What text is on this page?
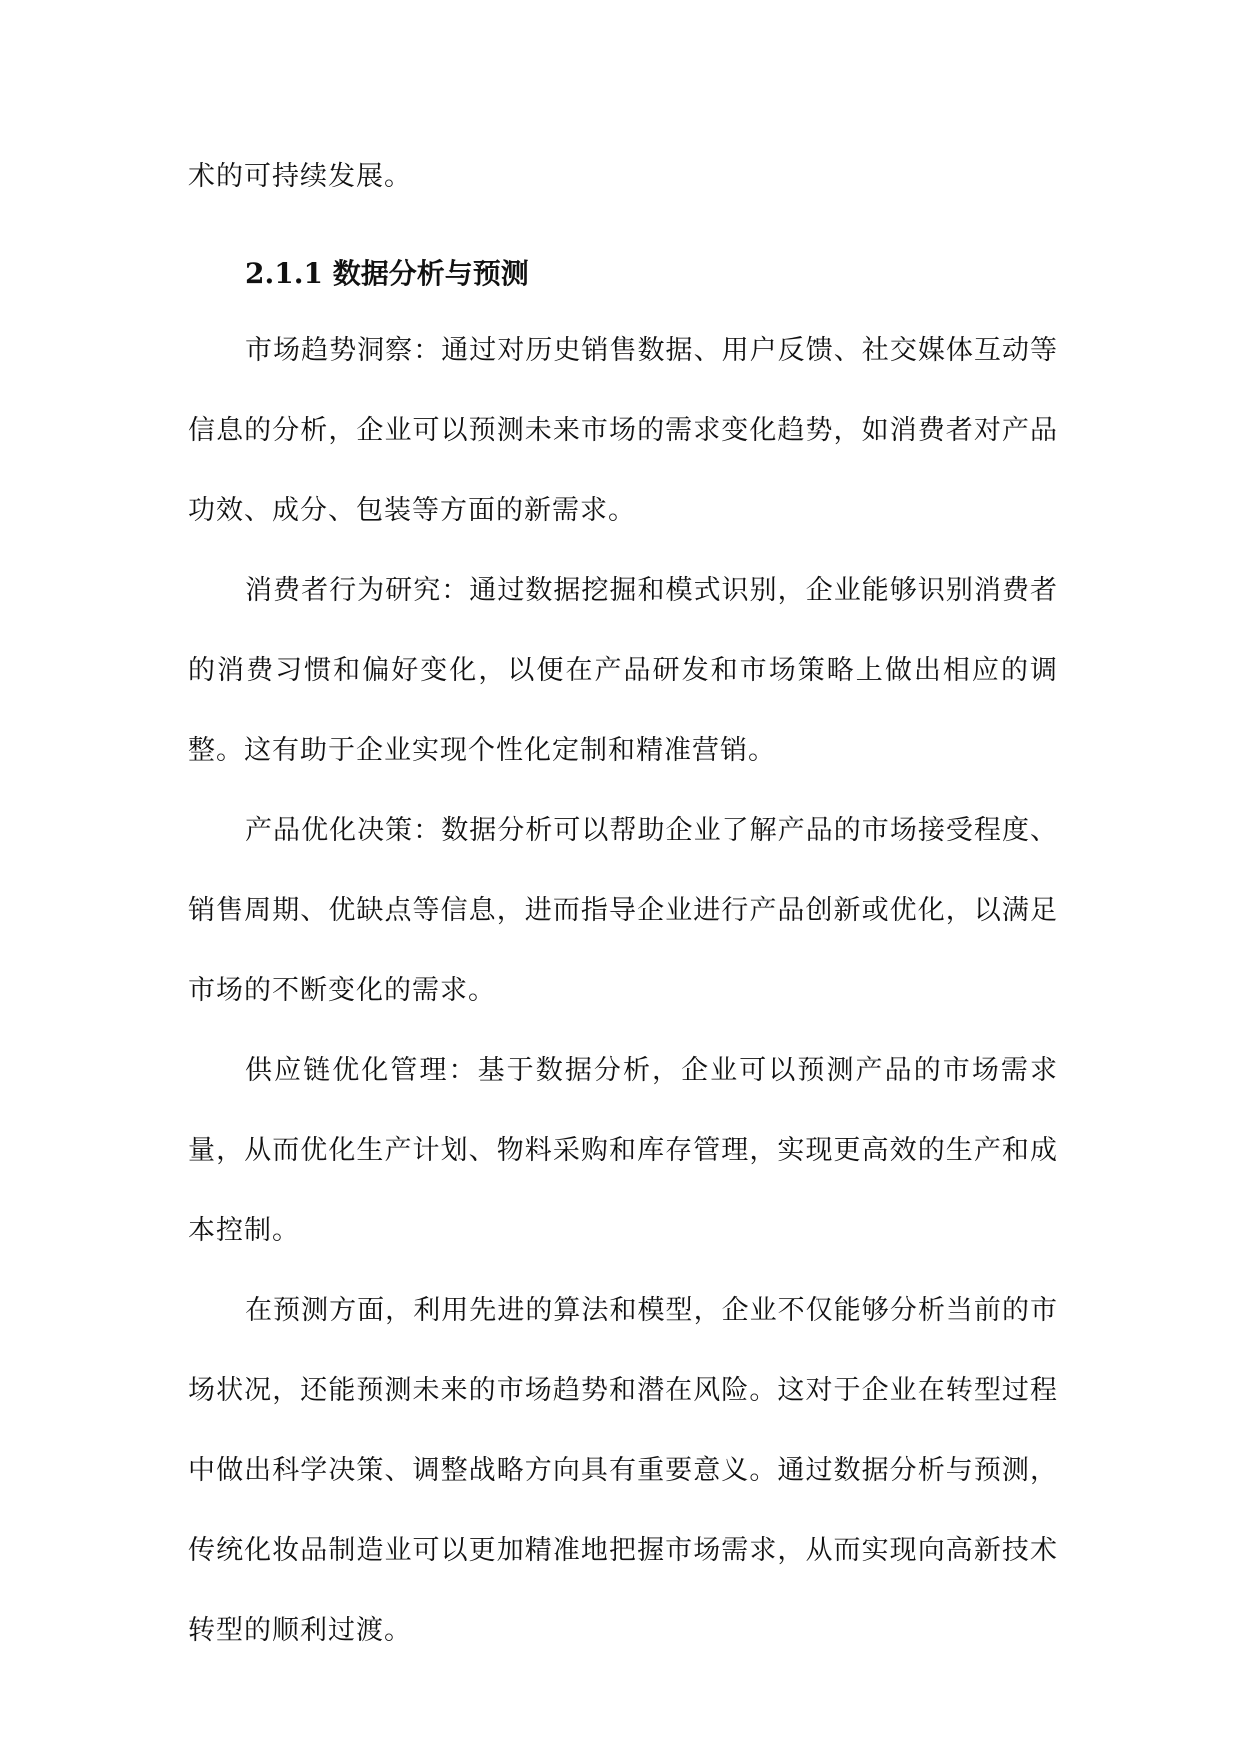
术的可持续发展。

2.1.1 数据分析与预测

市场趋势洞察：通过对历史销售数据、用户反馈、社交媒体互动等信息的分析，企业可以预测未来市场的需求变化趋势，如消费者对产品功效、成分、包装等方面的新需求。

消费者行为研究：通过数据挖掘和模式识别，企业能够识别消费者的消费习惯和偏好变化，以便在产品研发和市场策略上做出相应的调整。这有助于企业实现个性化定制和精准营销。

产品优化决策：数据分析可以帮助企业了解产品的市场接受程度、销售周期、优缺点等信息，进而指导企业进行产品创新或优化，以满足市场的不断变化的需求。

供应链优化管理：基于数据分析，企业可以预测产品的市场需求量，从而优化生产计划、物料采购和库存管理，实现更高效的生产和成本控制。

在预测方面，利用先进的算法和模型，企业不仅能够分析当前的市场状况，还能预测未来的市场趋势和潜在风险。这对于企业在转型过程中做出科学决策、调整战略方向具有重要意义。通过数据分析与预测，传统化妆品制造业可以更加精准地把握市场需求，从而实现向高新技术转型的顺利过渡。
